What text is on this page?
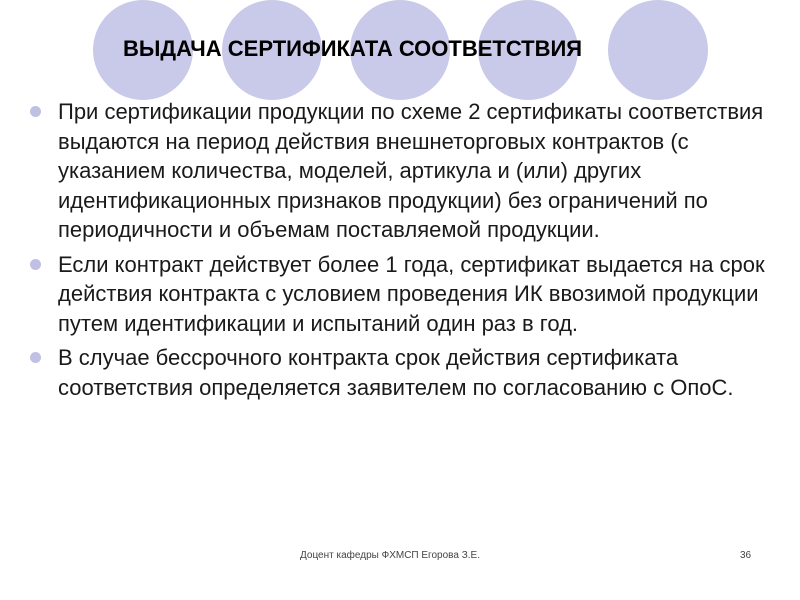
ВЫДАЧА СЕРТИФИКАТА СООТВЕТСТВИЯ
При сертификации продукции по схеме 2 сертификаты соответствия выдаются на период действия внешнеторговых контрактов (с указанием количества, моделей, артикула и (или) других идентификационных признаков продукции) без ограничений по периодичности и объемам поставляемой продукции.
Если контракт действует более 1 года, сертификат выдается на срок действия контракта с условием проведения ИК ввозимой продукции путем идентификации и испытаний один раз в год.
В случае бессрочного контракта срок действия сертификата соответствия определяется заявителем по согласованию с ОпоС.
Доцент кафедры ФХМСП Егорова З.Е.	36
